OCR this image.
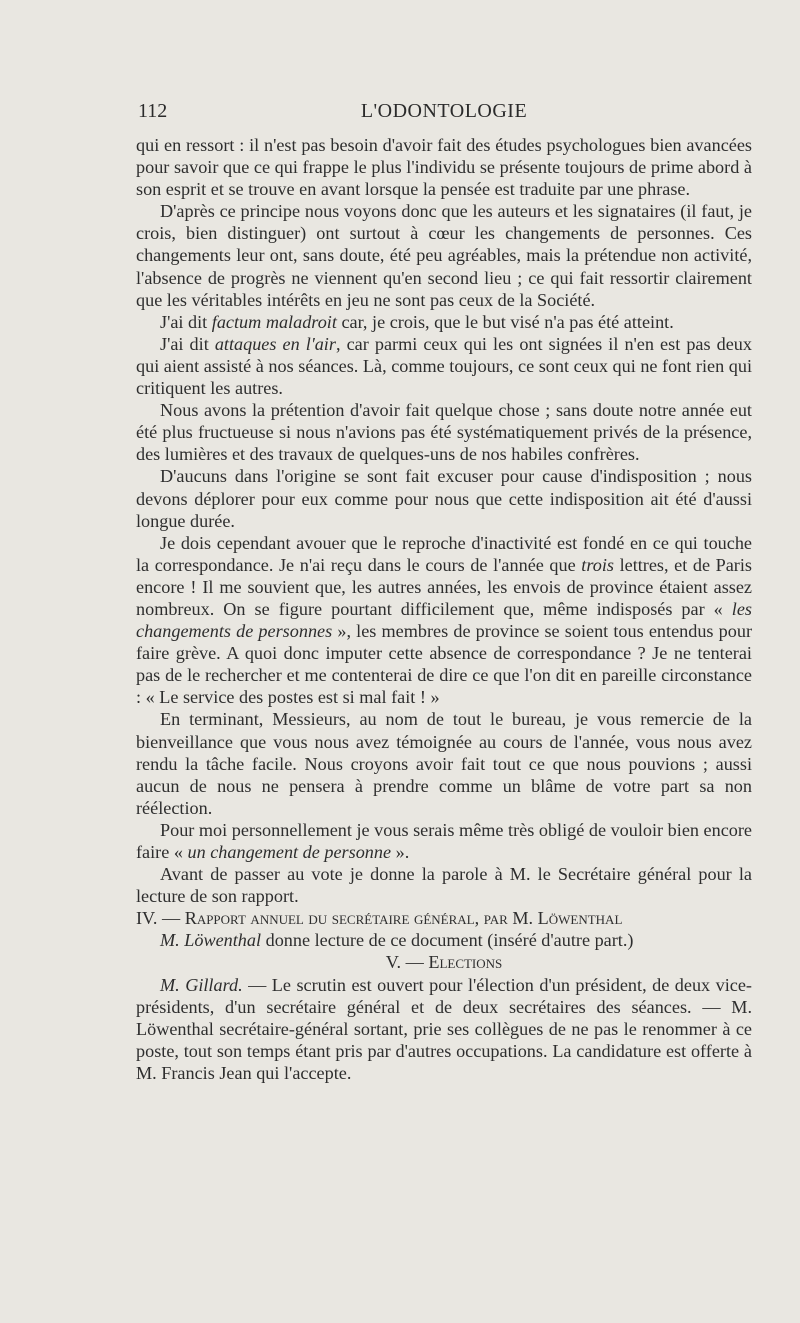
112	L'ODONTOLOGIE

qui en ressort : il n'est pas besoin d'avoir fait des études psychologues bien avancées pour savoir que ce qui frappe le plus l'individu se présente toujours de prime abord à son esprit et se trouve en avant lorsque la pensée est traduite par une phrase.

D'après ce principe nous voyons donc que les auteurs et les signataires (il faut, je crois, bien distinguer) ont surtout à cœur les changements de personnes. Ces changements leur ont, sans doute, été peu agréables, mais la prétendue non activité, l'absence de progrès ne viennent qu'en second lieu ; ce qui fait ressortir clairement que les véritables intérêts en jeu ne sont pas ceux de la Société.

J'ai dit factum maladroit car, je crois, que le but visé n'a pas été atteint.

J'ai dit attaques en l'air, car parmi ceux qui les ont signées il n'en est pas deux qui aient assisté à nos séances. Là, comme toujours, ce sont ceux qui ne font rien qui critiquent les autres.

Nous avons la prétention d'avoir fait quelque chose ; sans doute notre année eut été plus fructueuse si nous n'avions pas été systématiquement privés de la présence, des lumières et des travaux de quelques-uns de nos habiles confrères.

D'aucuns dans l'origine se sont fait excuser pour cause d'indisposition ; nous devons déplorer pour eux comme pour nous que cette indisposition ait été d'aussi longue durée.

Je dois cependant avouer que le reproche d'inactivité est fondé en ce qui touche la correspondance. Je n'ai reçu dans le cours de l'année que trois lettres, et de Paris encore ! Il me souvient que, les autres années, les envois de province étaient assez nombreux. On se figure pourtant difficilement que, même indisposés par « les changements de personnes », les membres de province se soient tous entendus pour faire grève. A quoi donc imputer cette absence de correspondance ? Je ne tenterai pas de le rechercher et me contenterai de dire ce que l'on dit en pareille circonstance : « Le service des postes est si mal fait ! »

En terminant, Messieurs, au nom de tout le bureau, je vous remercie de la bienveillance que vous nous avez témoignée au cours de l'année, vous nous avez rendu la tâche facile. Nous croyons avoir fait tout ce que nous pouvions ; aussi aucun de nous ne pensera à prendre comme un blâme de votre part sa non réélection.

Pour moi personnellement je vous serais même très obligé de vouloir bien encore faire « un changement de personne ».

Avant de passer au vote je donne la parole à M. le Secrétaire général pour la lecture de son rapport.

IV. — Rapport annuel du secrétaire général, par M. Löwenthal

M. Löwenthal donne lecture de ce document (inséré d'autre part.)

V. — Elections

M. Gillard. — Le scrutin est ouvert pour l'élection d'un président, de deux vice-présidents, d'un secrétaire général et de deux secrétaires des séances. — M. Löwenthal secrétaire-général sortant, prie ses collègues de ne pas le renommer à ce poste, tout son temps étant pris par d'autres occupations. La candidature est offerte à M. Francis Jean qui l'accepte.
